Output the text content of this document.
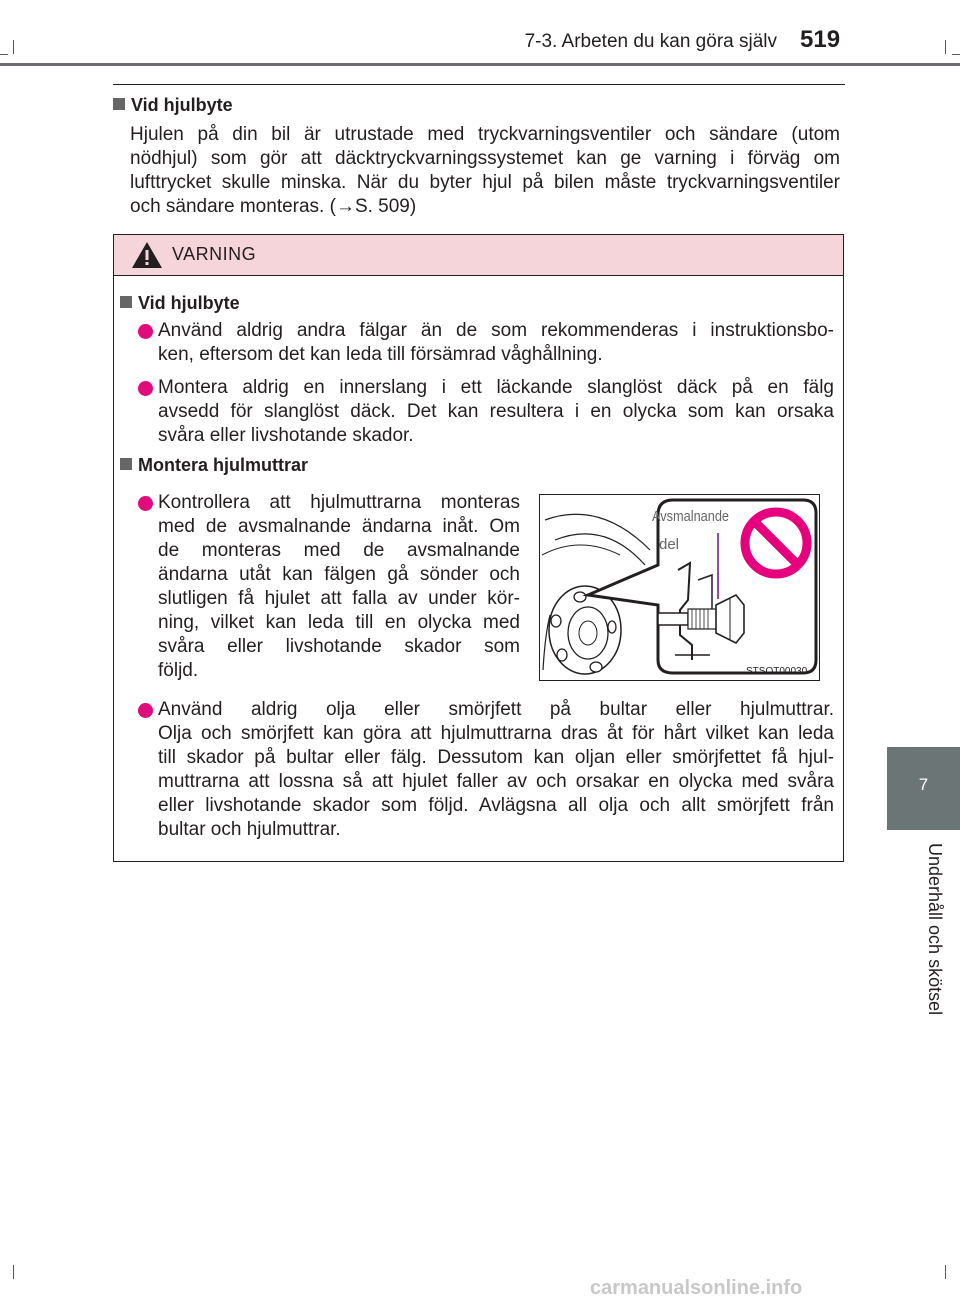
7-3. Arbeten du kan göra själv 519
7
Underhåll och skötsel
Vid hjulbyte
Hjulen på din bil är utrustade med tryckvarningsventiler och sändare (utom
nödhjul) som gör att däcktryckvarningssystemet kan ge varning i förväg om
lufttrycket skulle minska. När du byter hjul på bilen måste tryckvarningsventiler
och sändare monteras. (→S. 509)
VARNING
Vid hjulbyte
Använd aldrig andra fälgar än de som rekommenderas i instruktionsbo-
ken, eftersom det kan leda till försämrad våghållning.
Montera aldrig en innerslang i ett läckande slanglöst däck på en fälg
avsedd för slanglöst däck. Det kan resultera i en olycka som kan orsaka
svåra eller livshotande skador.
Montera hjulmuttrar
Kontrollera att hjulmuttrarna monteras
med de avsmalnande ändarna inåt. Om
de monteras med de avsmalnande
ändarna utåt kan fälgen gå sönder och
slutligen få hjulet att falla av under kör-
ning, vilket kan leda till en olycka med
svåra eller livshotande skador som
följd.
Avsmalnande
del
STSOT00030
Använd aldrig olja eller smörjfett på bultar eller hjulmuttrar.
Olja och smörjfett kan göra att hjulmuttrarna dras åt för hårt vilket kan leda
till skador på bultar eller fälg. Dessutom kan oljan eller smörjfettet få hjul-
muttrarna att lossna så att hjulet faller av och orsakar en olycka med svåra
eller livshotande skador som följd. Avlägsna all olja och allt smörjfett från
bultar och hjulmuttrar.
carmanualsonline.info
